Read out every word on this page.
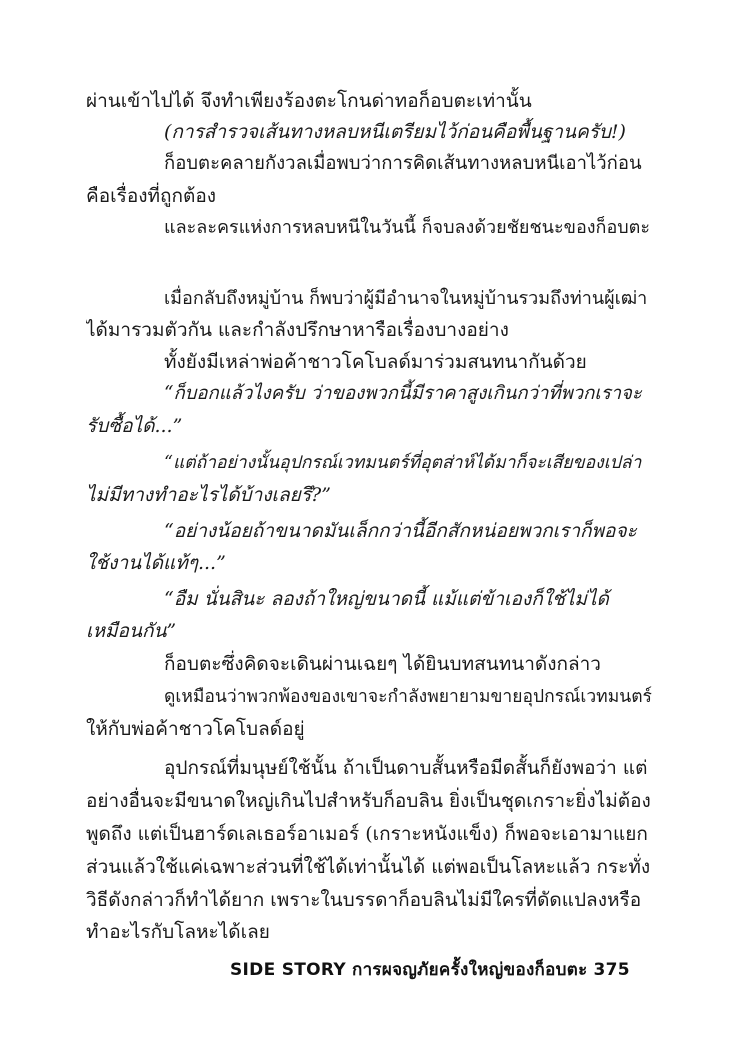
ผ่านเข้าไปได้ จึงทำเพียงร้องตะโกนด่าทอก็อบตะเท่านั้น
(การสำรวจเส้นทางหลบหนีเตรียมไว้ก่อนคือพื้นฐานครับ!)
ก็อบตะคลายกังวลเมื่อพบว่าการคิดเส้นทางหลบหนีเอาไว้ก่อน
คือเรื่องที่ถูกต้อง
และละครแห่งการหลบหนีในวันนี้ ก็จบลงด้วยชัยชนะของก็อบตะ
เมื่อกลับถึงหมู่บ้าน ก็พบว่าผู้มีอำนาจในหมู่บ้านรวมถึงท่านผู้เฒ่า
ได้มารวมตัวกัน และกำลังปรึกษาหารือเรื่องบางอย่าง
ทั้งยังมีเหล่าพ่อค้าชาวโคโบลด์มาร่วมสนทนากันด้วย
“ก็บอกแล้วไงครับ ว่าของพวกนี้มีราคาสูงเกินกว่าที่พวกเราจะ
รับซื้อได้...”
“แต่ถ้าอย่างนั้นอุปกรณ์เวทมนตร์ที่อุตส่าห์ได้มาก็จะเสียของเปล่า
ไม่มีทางทำอะไรได้บ้างเลยรึ?”
“อย่างน้อยถ้าขนาดมันเล็กกว่านี้อีกสักหน่อยพวกเราก็พอจะ
ใช้งานได้แท้ๆ...”
“อืม นั่นสินะ ลองถ้าใหญ่ขนาดนี้ แม้แต่ข้าเองก็ใช้ไม่ได้
เหมือนกัน”
ก็อบตะซึ่งคิดจะเดินผ่านเฉยๆ ได้ยินบทสนทนาดังกล่าว
ดูเหมือนว่าพวกพ้องของเขาจะกำลังพยายามขายอุปกรณ์เวทมนตร์
ให้กับพ่อค้าชาวโคโบลด์อยู่
อุปกรณ์ที่มนุษย์ใช้นั้น ถ้าเป็นดาบสั้นหรือมีดสั้นก็ยังพอว่า แต่
อย่างอื่นจะมีขนาดใหญ่เกินไปสำหรับก็อบลิน ยิ่งเป็นชุดเกราะยิ่งไม่ต้อง
พูดถึง แต่เป็นฮาร์ดเลเธอร์อาเมอร์ (เกราะหนังแข็ง) ก็พอจะเอามาแยก
ส่วนแล้วใช้แค่เฉพาะส่วนที่ใช้ได้เท่านั้นได้ แต่พอเป็นโลหะแล้ว กระทั่ง
วิธีดังกล่าวก็ทำได้ยาก เพราะในบรรดาก็อบลินไม่มีใครที่ดัดแปลงหรือ
ทำอะไรกับโลหะได้เลย
SIDE STORY การผจญภัยครั้งใหญ่ของก็อบตะ 375
